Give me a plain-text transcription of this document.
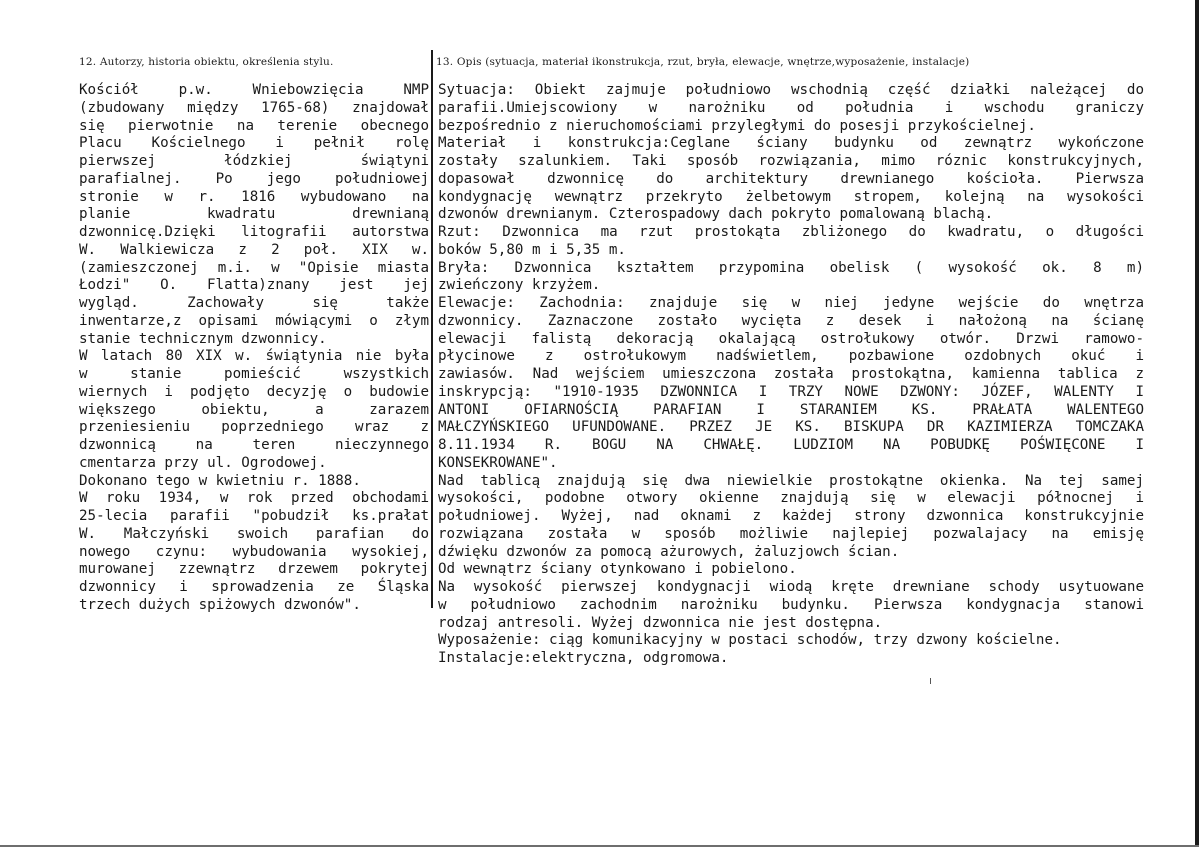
12. Autorzy, historia obiektu, określenia stylu.	13. Opis (sytuacja, materiał ikonstrukcja, rzut, bryła, elewacje, wnętrze,wyposażenie, instalacje)
Kościół p.w. Wniebowzięcia NMP
(zbudowany między 1765-68) znajdował
się pierwotnie na terenie obecnego
Placu Kościelnego i pełnił rolę
pierwszej łódzkiej świątyni
parafialnej. Po jego południowej
stronie w r. 1816 wybudowano na
planie kwadratu drewnianą
dzwonnicę.Dzięki litografii autorstwa
W. Walkiewicza z 2 poł. XIX w.
(zamieszczonej m.i. w "Opisie miasta
Łodzi" O. Flatta)znany jest jej
wygląd. Zachowały się także
inwentarze,z opisami mówiącymi o złym
stanie technicznym dzwonnicy.
W latach 80 XIX w. świątynia nie była
w stanie pomieścić wszystkich
wiernych i podjęto decyzję o budowie
większego obiektu, a zarazem
przeniesieniu poprzedniego wraz z
dzwonnicą na teren nieczynnego
cmentarza przy ul. Ogrodowej.
Dokonano tego w kwietniu r. 1888.
W roku 1934, w rok przed obchodami
25-lecia parafii "pobudził ks.prałat
W. Małczyński swoich parafian do
nowego czynu: wybudowania wysokiej,
murowanej zzewnątrz drzewem pokrytej
dzwonnicy i sprowadzenia ze Śląska
trzech dużych spiżowych dzwonów".
Sytuacja: Obiekt zajmuje południowo wschodnią część działki należącej do
parafii.Umiejscowiony w narożniku od południa i wschodu graniczy
bezpośrednio z nieruchomościami przyległymi do posesji przykościelnej.
Materiał i konstrukcja:Ceglane ściany budynku od zewnątrz wykończone
zostały szalunkiem. Taki sposób rozwiązania, mimo róznic konstrukcyjnych,
dopasował dzwonnicę do architektury drewnianego kościoła. Pierwsza
kondygnację wewnątrz przekryto żelbetowym stropem, kolejną na wysokości
dzwonów drewnianym. Czterospadowy dach pokryto pomalowaną blachą.
Rzut: Dzwonnica ma rzut prostokąta zbliżonego do kwadratu, o długości
boków 5,80 m i 5,35 m.
Bryła: Dzwonnica kształtem przypomina obelisk ( wysokość ok. 8 m)
zwieńczony krzyżem.
Elewacje: Zachodnia: znajduje się w niej jedyne wejście do wnętrza
dzwonnicy. Zaznaczone zostało wycięta z desek i nałożoną na ścianę
elewacji falistą dekoracją okalającą ostrołukowy otwór. Drzwi ramowo-
płycinowe z ostrołukowym nadświetlem, pozbawione ozdobnych okuć i
zawiasów. Nad wejściem umieszczona została prostokątna, kamienna tablica z
inskrypcją: "1910-1935 DZWONNICA I TRZY NOWE DZWONY: JÓZEF, WALENTY I
ANTONI OFIARNOŚCIĄ PARAFIAN I STARANIEM KS. PRAŁATA WALENTEGO
MAŁCZYŃSKIEGO UFUNDOWANE. PRZEZ JE KS. BISKUPA DR KAZIMIERZA TOMCZAKA
8.11.1934 R. BOGU NA CHWAŁĘ. LUDZIOM NA POBUDKĘ POŚWIĘCONE I
KONSEKROWANE".
Nad tablicą znajdują się dwa niewielkie prostokątne okienka. Na tej samej
wysokości, podobne otwory okienne znajdują się w elewacji północnej i
południowej. Wyżej, nad oknami z każdej strony dzwonnica konstrukcyjnie
rozwiązana została w sposób możliwie najlepiej pozwalajacy na emisję
dźwięku dzwonów za pomocą ażurowych, żaluzjowch ścian.
Od wewnątrz ściany otynkowano i pobielono.
Na wysokość pierwszej kondygnacji wiodą kręte drewniane schody usytuowane
w południowo zachodnim narożniku budynku. Pierwsza kondygnacja stanowi
rodzaj antresoli. Wyżej dzwonnica nie jest dostępna.
Wyposażenie: ciąg komunikacyjny w postaci schodów, trzy dzwony kościelne.
Instalacje:elektryczna, odgromowa.
